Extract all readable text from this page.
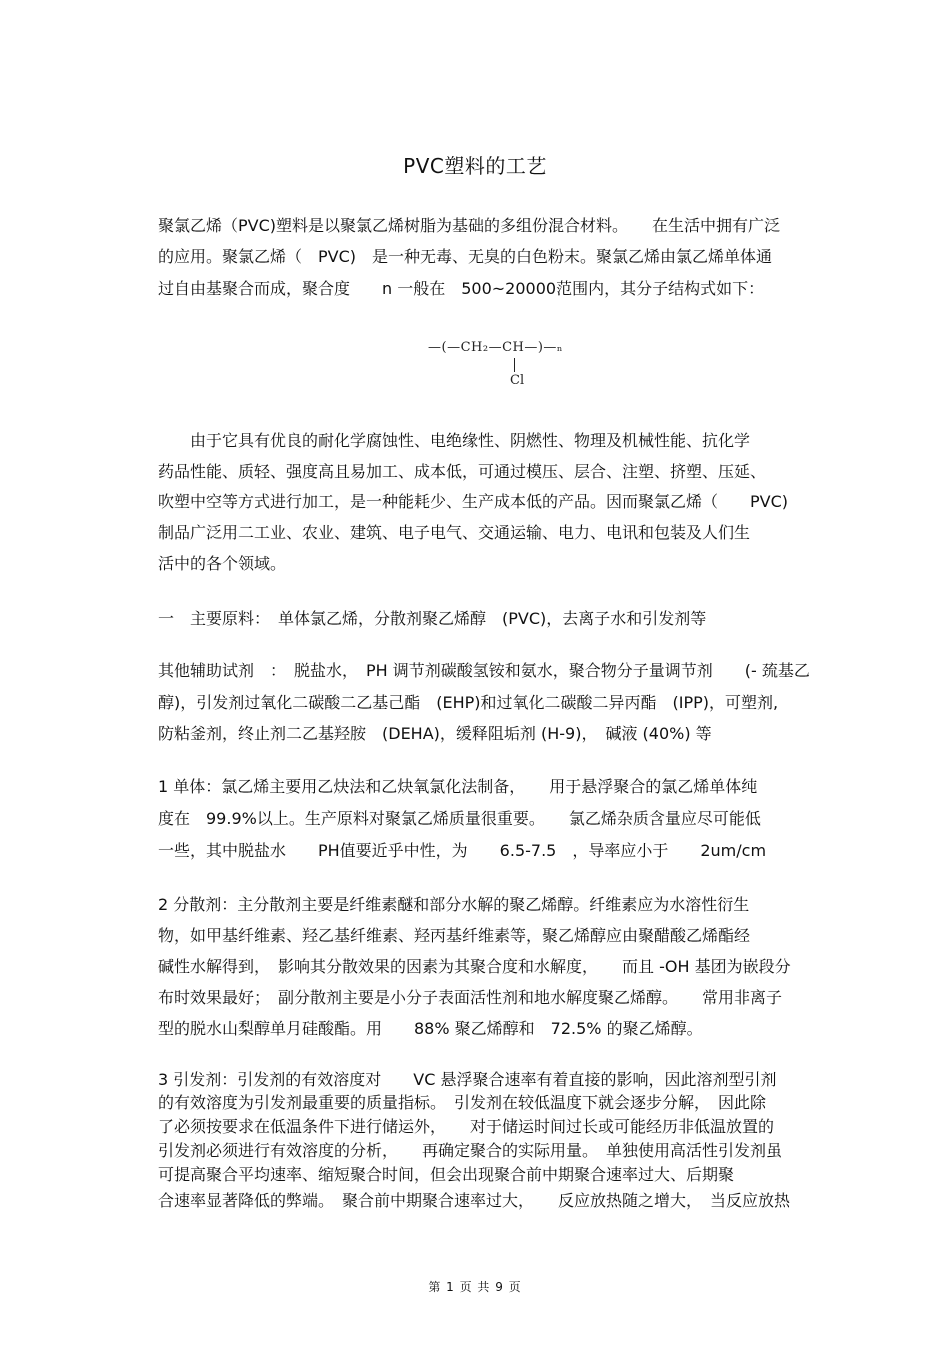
PVC塑料的工艺
聚氯乙烯（PVC)塑料是以聚氯乙烯树脂为基础的多组份混合材料。　　在生活中拥有广泛
的应用。聚氯乙烯（　PVC)　是一种无毒、无臭的白色粉末。聚氯乙烯由氯乙烯单体通
过自由基聚合而成，聚合度　　n 一般在　500~20000范围内，其分子结构式如下：
—(—CH₂—CH—)—ₙ
Cl
　　由于它具有优良的耐化学腐蚀性、电绝缘性、阴燃性、物理及机械性能、抗化学
药品性能、质轻、强度高且易加工、成本低，可通过模压、层合、注塑、挤塑、压延、
吹塑中空等方式进行加工，是一种能耗少、生产成本低的产品。因而聚氯乙烯（　　PVC)
制品广泛用二工业、农业、建筑、电子电气、交通运输、电力、电讯和包装及人们生
活中的各个领域。
一　主要原料：　单体氯乙烯，分散剂聚乙烯醇　(PVC)，去离子水和引发剂等
其他辅助试剂　：　脱盐水，　PH 调节剂碳酸氢铵和氨水，聚合物分子量调节剂　　(- 巯基乙
醇)，引发剂过氧化二碳酸二乙基己酯　(EHP)和过氧化二碳酸二异丙酯　(IPP)，可塑剂,
防粘釜剂，终止剂二乙基羟胺　(DEHA)，缓释阻垢剂 (H-9)，　碱液 (40%) 等
1 单体：氯乙烯主要用乙炔法和乙炔氧氯化法制备，　　用于悬浮聚合的氯乙烯单体纯
度在　99.9%以上。生产原料对聚氯乙烯质量很重要。　　氯乙烯杂质含量应尽可能低
一些，其中脱盐水　　PH值要近乎中性，为　　6.5-7.5　，导率应小于　　2um/cm
2 分散剂：主分散剂主要是纤维素醚和部分水解的聚乙烯醇。纤维素应为水溶性衍生
物，如甲基纤维素、羟乙基纤维素、羟丙基纤维素等，聚乙烯醇应由聚醋酸乙烯酯经
碱性水解得到，　影响其分散效果的因素为其聚合度和水解度，　　而且 -OH 基团为嵌段分
布时效果最好；　副分散剂主要是小分子表面活性剂和地水解度聚乙烯醇。　　常用非离子
型的脱水山梨醇单月硅酸酯。用　　88% 聚乙烯醇和　72.5% 的聚乙烯醇。
3 引发剂：引发剂的有效溶度对　　VC 悬浮聚合速率有着直接的影响，因此溶剂型引剂
的有效溶度为引发剂最重要的质量指标。　引发剂在较低温度下就会逐步分解，　因此除
了必须按要求在低温条件下进行储运外，　　对于储运时间过长或可能经历非低温放置的
引发剂必须进行有效溶度的分析，　　再确定聚合的实际用量。　单独使用高活性引发剂虽
可提高聚合平均速率、缩短聚合时间，但会出现聚合前中期聚合速率过大、后期聚
合速率显著降低的弊端。　聚合前中期聚合速率过大，　　反应放热随之增大，　当反应放热
第 1 页 共 9 页
